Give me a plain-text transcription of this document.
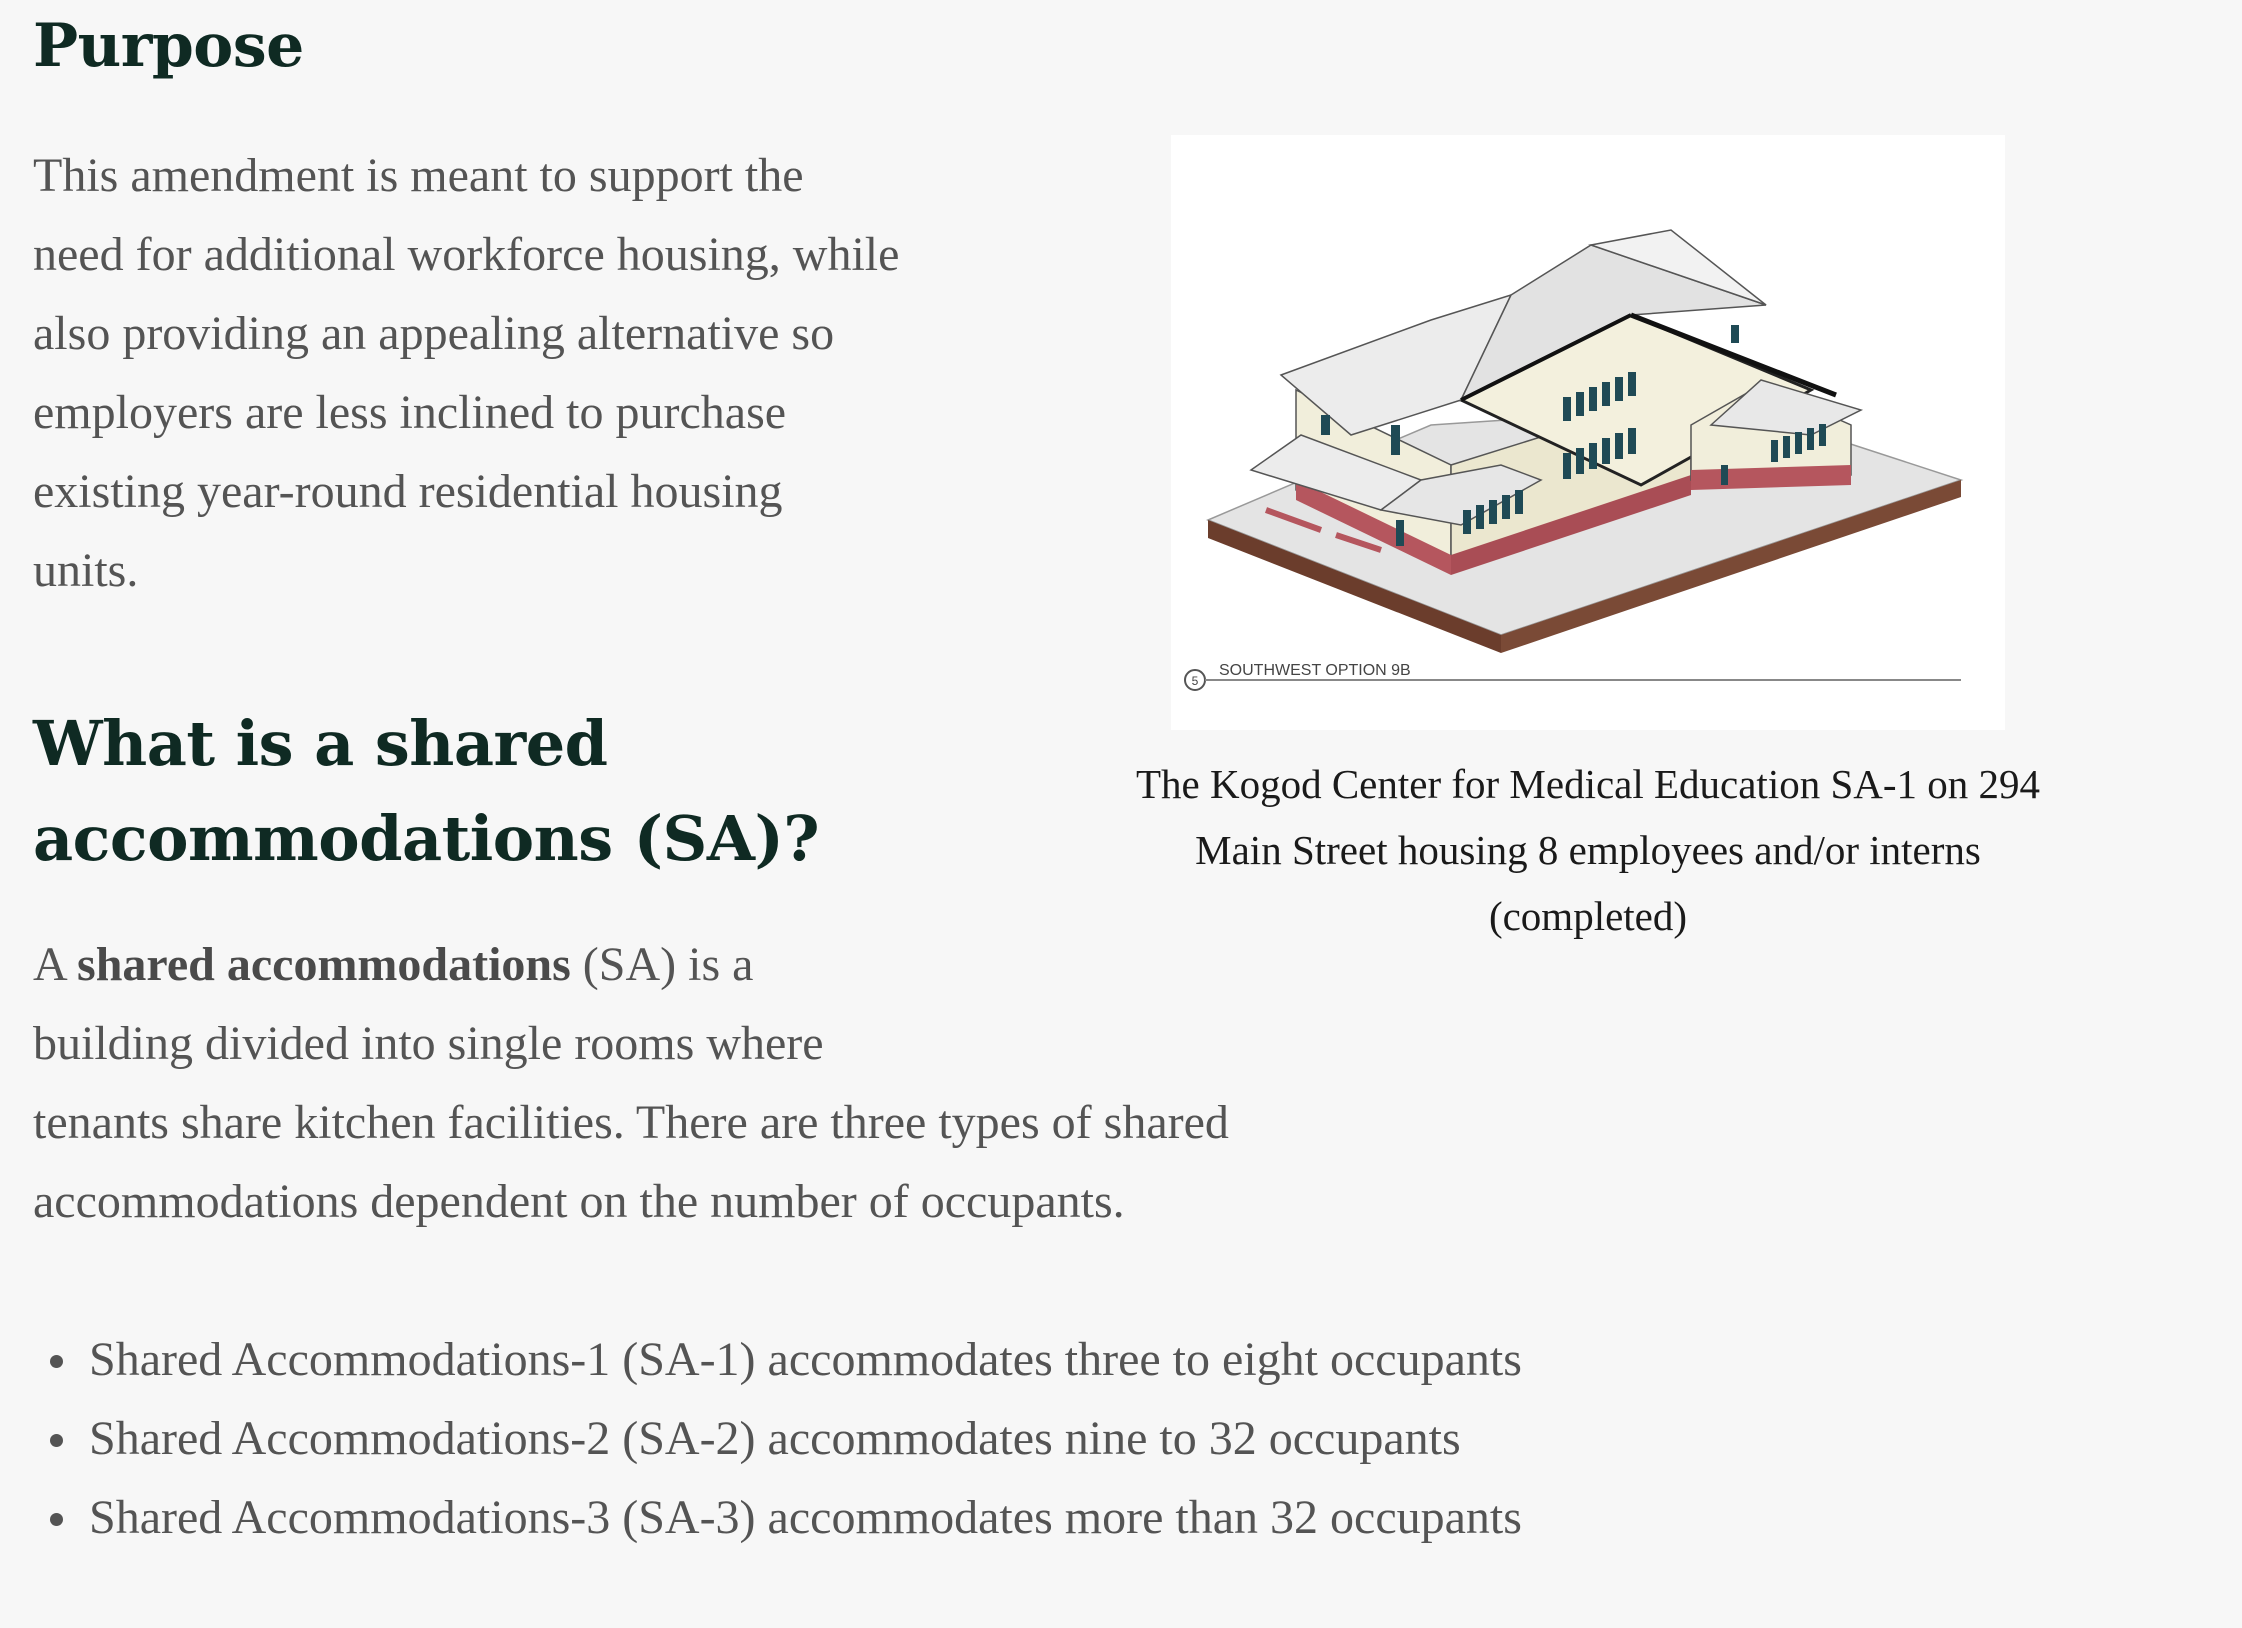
Purpose

This amendment is meant to support the
need for additional workforce housing, while
also providing an appealing alternative so
employers are less inclined to purchase
existing year-round residential housing
units.

5
SOUTHWEST OPTION 9B
The Kogod Center for Medical Education SA-1 on 294 Main Street housing 8 employees and/or interns (completed)
What is a shared accommodations (SA)?

A shared accommodations (SA) is a
building divided into single rooms where
tenants share kitchen facilities. There are three types of shared
accommodations dependent on the number of occupants.

Shared Accommodations-1 (SA-1) accommodates three to eight occupants
Shared Accommodations-2 (SA-2) accommodates nine to 32 occupants
Shared Accommodations-3 (SA-3) accommodates more than 32 occupants
